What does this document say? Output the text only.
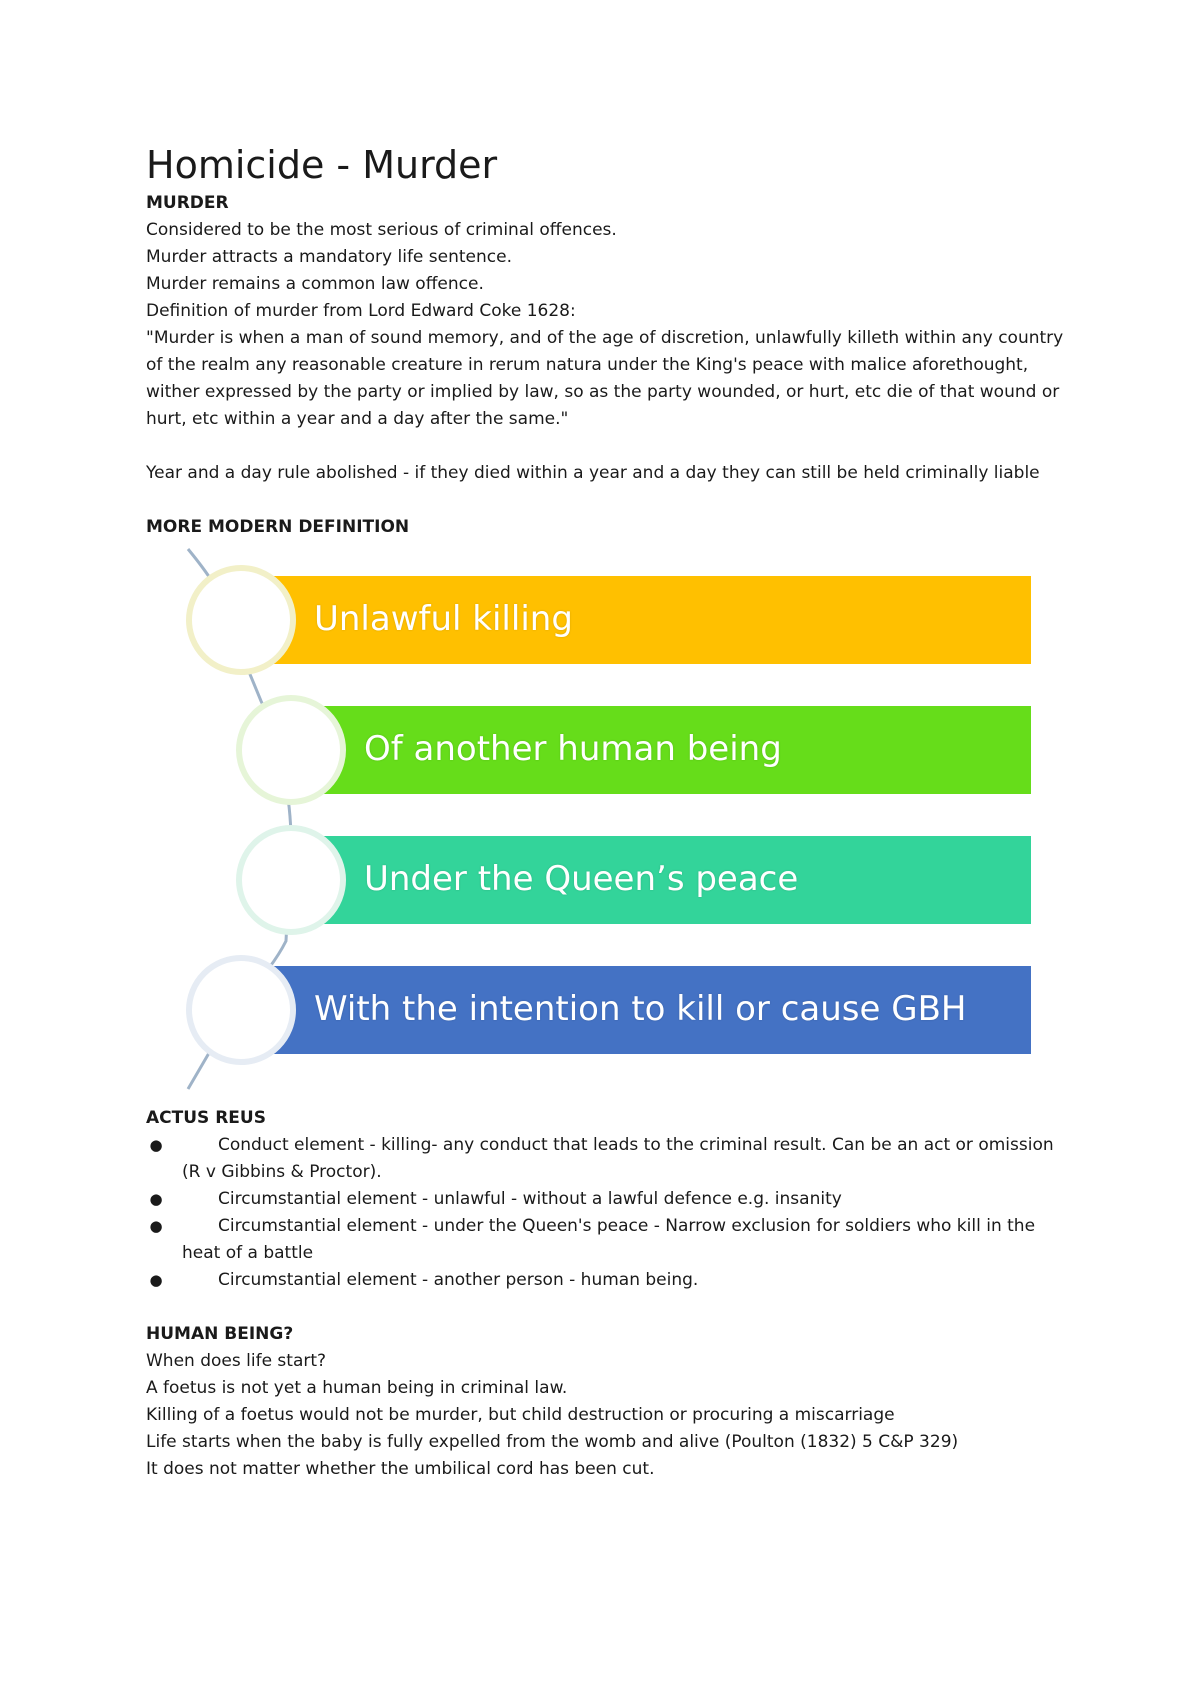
Homicide - Murder

MURDER

Considered to be the most serious of criminal offences.

Murder attracts a mandatory life sentence.

Murder remains a common law offence.

Definition of murder from Lord Edward Coke 1628:

"Murder is when a man of sound memory, and of the age of discretion, unlawfully killeth within any country of the realm any reasonable creature in rerum natura under the King's peace with malice aforethought, wither expressed by the party or implied by law, so as the party wounded, or hurt, etc die of that wound or hurt, etc within a year and a day after the same."

Year and a day rule abolished - if they died within a year and a day they can still be held criminally liable

MORE MODERN DEFINITION

Unlawful killing
Of another human being
Under the Queen’s peace
With the intention to kill or cause GBH

ACTUS REUS

●	Conduct element - killing- any conduct that leads to the criminal result. Can be an act or omission (R v Gibbins & Proctor).
●	Circumstantial element - unlawful - without a lawful defence e.g. insanity
●	Circumstantial element - under the Queen's peace - Narrow exclusion for soldiers who kill in the heat of a battle
●	Circumstantial element - another person - human being.

HUMAN BEING?

When does life start?

A foetus is not yet a human being in criminal law.

Killing of a foetus would not be murder, but child destruction or procuring a miscarriage

Life starts when the baby is fully expelled from the womb and alive (Poulton (1832) 5 C&P 329)

It does not matter whether the umbilical cord has been cut.
